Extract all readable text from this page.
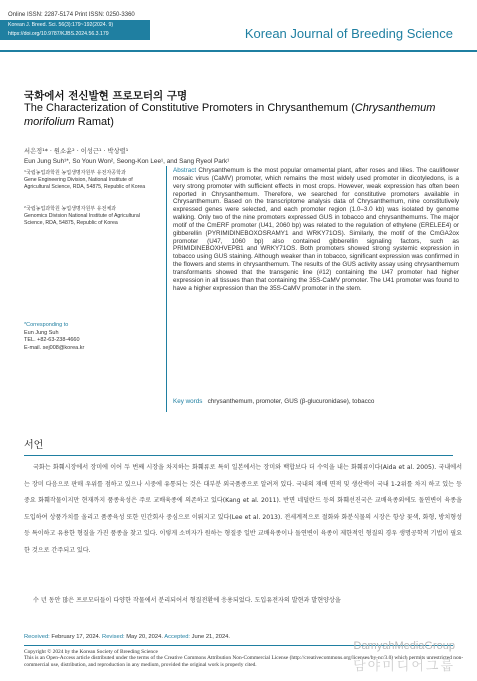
Online ISSN: 2287-5174 Print ISSN: 0250-3360
Korean J. Breed. Sci. 56(3):179~192(2024. 9)
https://doi.org/10.9787/KJBS.2024.56.3.179	Korean Journal of Breeding Science
국화에서 전신발현 프로모터의 구명
The Characterization of Constitutive Promoters in Chrysanthemum (Chrysanthemum morifolium Ramat)
서은정¹* · 원소윤² · 이성근¹ · 박상렬¹
Eun Jung Suh¹*, So Youn Won², Seong-Kon Lee¹, and Sang Ryeol Park¹
¹국립농업과학원 농업생명자원부 유전자공학과
Gene Engineering Division, National Institute of Agricultural Science, RDA, 54875, Republic of Korea
²국립농업과학원 농업생명자원부 유전체과
Genomics Division National Institute of Agricultural Science, RDA, 54875, Republic of Korea
*Corresponding to
Eun Jung Suh
TEL. +82-63-238-4660
E-mail. sej008@korea.kr
Abstract Chrysanthemum is the most popular ornamental plant, after roses and lilies. The cauliflower mosaic virus (CaMV) promoter, which remains the most widely used promoter in dicotyledons, is a very strong promoter with sufficient effects in most crops. However, weak expression has often been reported in Chrysanthemum. Therefore, we searched for constitutive promoters available in Chrysanthemum. Based on the transcriptome analysis data of Chrysanthemum, nine constitutively expressed genes were selected, and each promoter region (1.0–3.0 kb) was isolated by genome walking. Only two of the nine promoters expressed GUS in tobacco and chrysanthemums. The major motif of the CmERF promoter (U41, 2060 bp) was related to the regulation of ethylene (ERELEE4) or gibberellin (PYRIMIDINEBOXOSRAMY1 and WRKY71OS). Similarly, the motif of the CmGA2ox promoter (U47, 1060 bp) also contained gibberellin signaling factors, such as PRIMIDINEBOXHVEPB1 and WRKY71OS. Both promoters showed strong systemic expression in tobacco using GUS staining. Although weaker than in tobacco, significant expression was confirmed in the flowers and stems in chrysanthemum. The results of the GUS activity assay using chrysanthemum transformants showed that the transgenic line (#12) containing the U47 promoter had higher expression in all tissues than that containing the 35S-CaMV promoter. The U41 promoter was found to have a higher expression than the 35S-CaMV promoter in the stem.
Key words chrysanthemum, promoter, GUS (β-glucuronidase), tobacco
서언
국화는 화훼시장에서 장미에 이어 두 번째 시장을 차지하는 화훼류로 특히 일본에서는 장미와 백합보다 더 수익을 내는 화훼류이다(Aida et al. 2005). 국내에서는 장미 다음으로 판매 우위를 점하고 있으나 시중에 유통되는 것은 대부분 외국품종으로 알려져 있다. 국내의 재배 면적 및 생산액이 국내 1-2위를 차지 하고 있는 등 중요 화훼작물이지만 현재까지 품종육성은 주로 교배육종에 의존하고 있다(Kang et al. 2011). 반면 네덜란드 등의 화훼선진국은 교배육종외에도 돌연변이 육종을 도입하여 상품가치를 올리고 품종육성 또한 민간회사 중심으로 이뤄지고 있다(Lee et al. 2013). 전세계적으로 절화와 화분식물의 시장은 항상 꽃색, 화형, 방치형성 등 특이하고 유용한 형질을 가진 품종을 찾고 있다. 이렇게 소비자가 원하는 형질중 일반 교배육종이나 돌연변이 육종이 제한적인 형질의 경우 생명공학적 기법이 필요한 것으로 간주되고 있다.
수 년 동안 많은 프로모터들이 다양한 작물에서 분리되어서 형질전환에 응용되었다. 도입유전자의 발현과 발현양상을
Received: February 17, 2024. Revised: May 20, 2024. Accepted: June 21, 2024.
Copyright © 2024 by the Korean Society of Breeding Science
This is an Open-Access article distributed under the terms of the Creative Commons Attribution Non-Commercial License (http://creativecommons.org/licenses/by-nc/3.0) which permits unrestricted non-commercial use, distribution, and reproduction in any medium, provided the original work is properly cited.
DamyahMediaGroup
담야미디어그룹
